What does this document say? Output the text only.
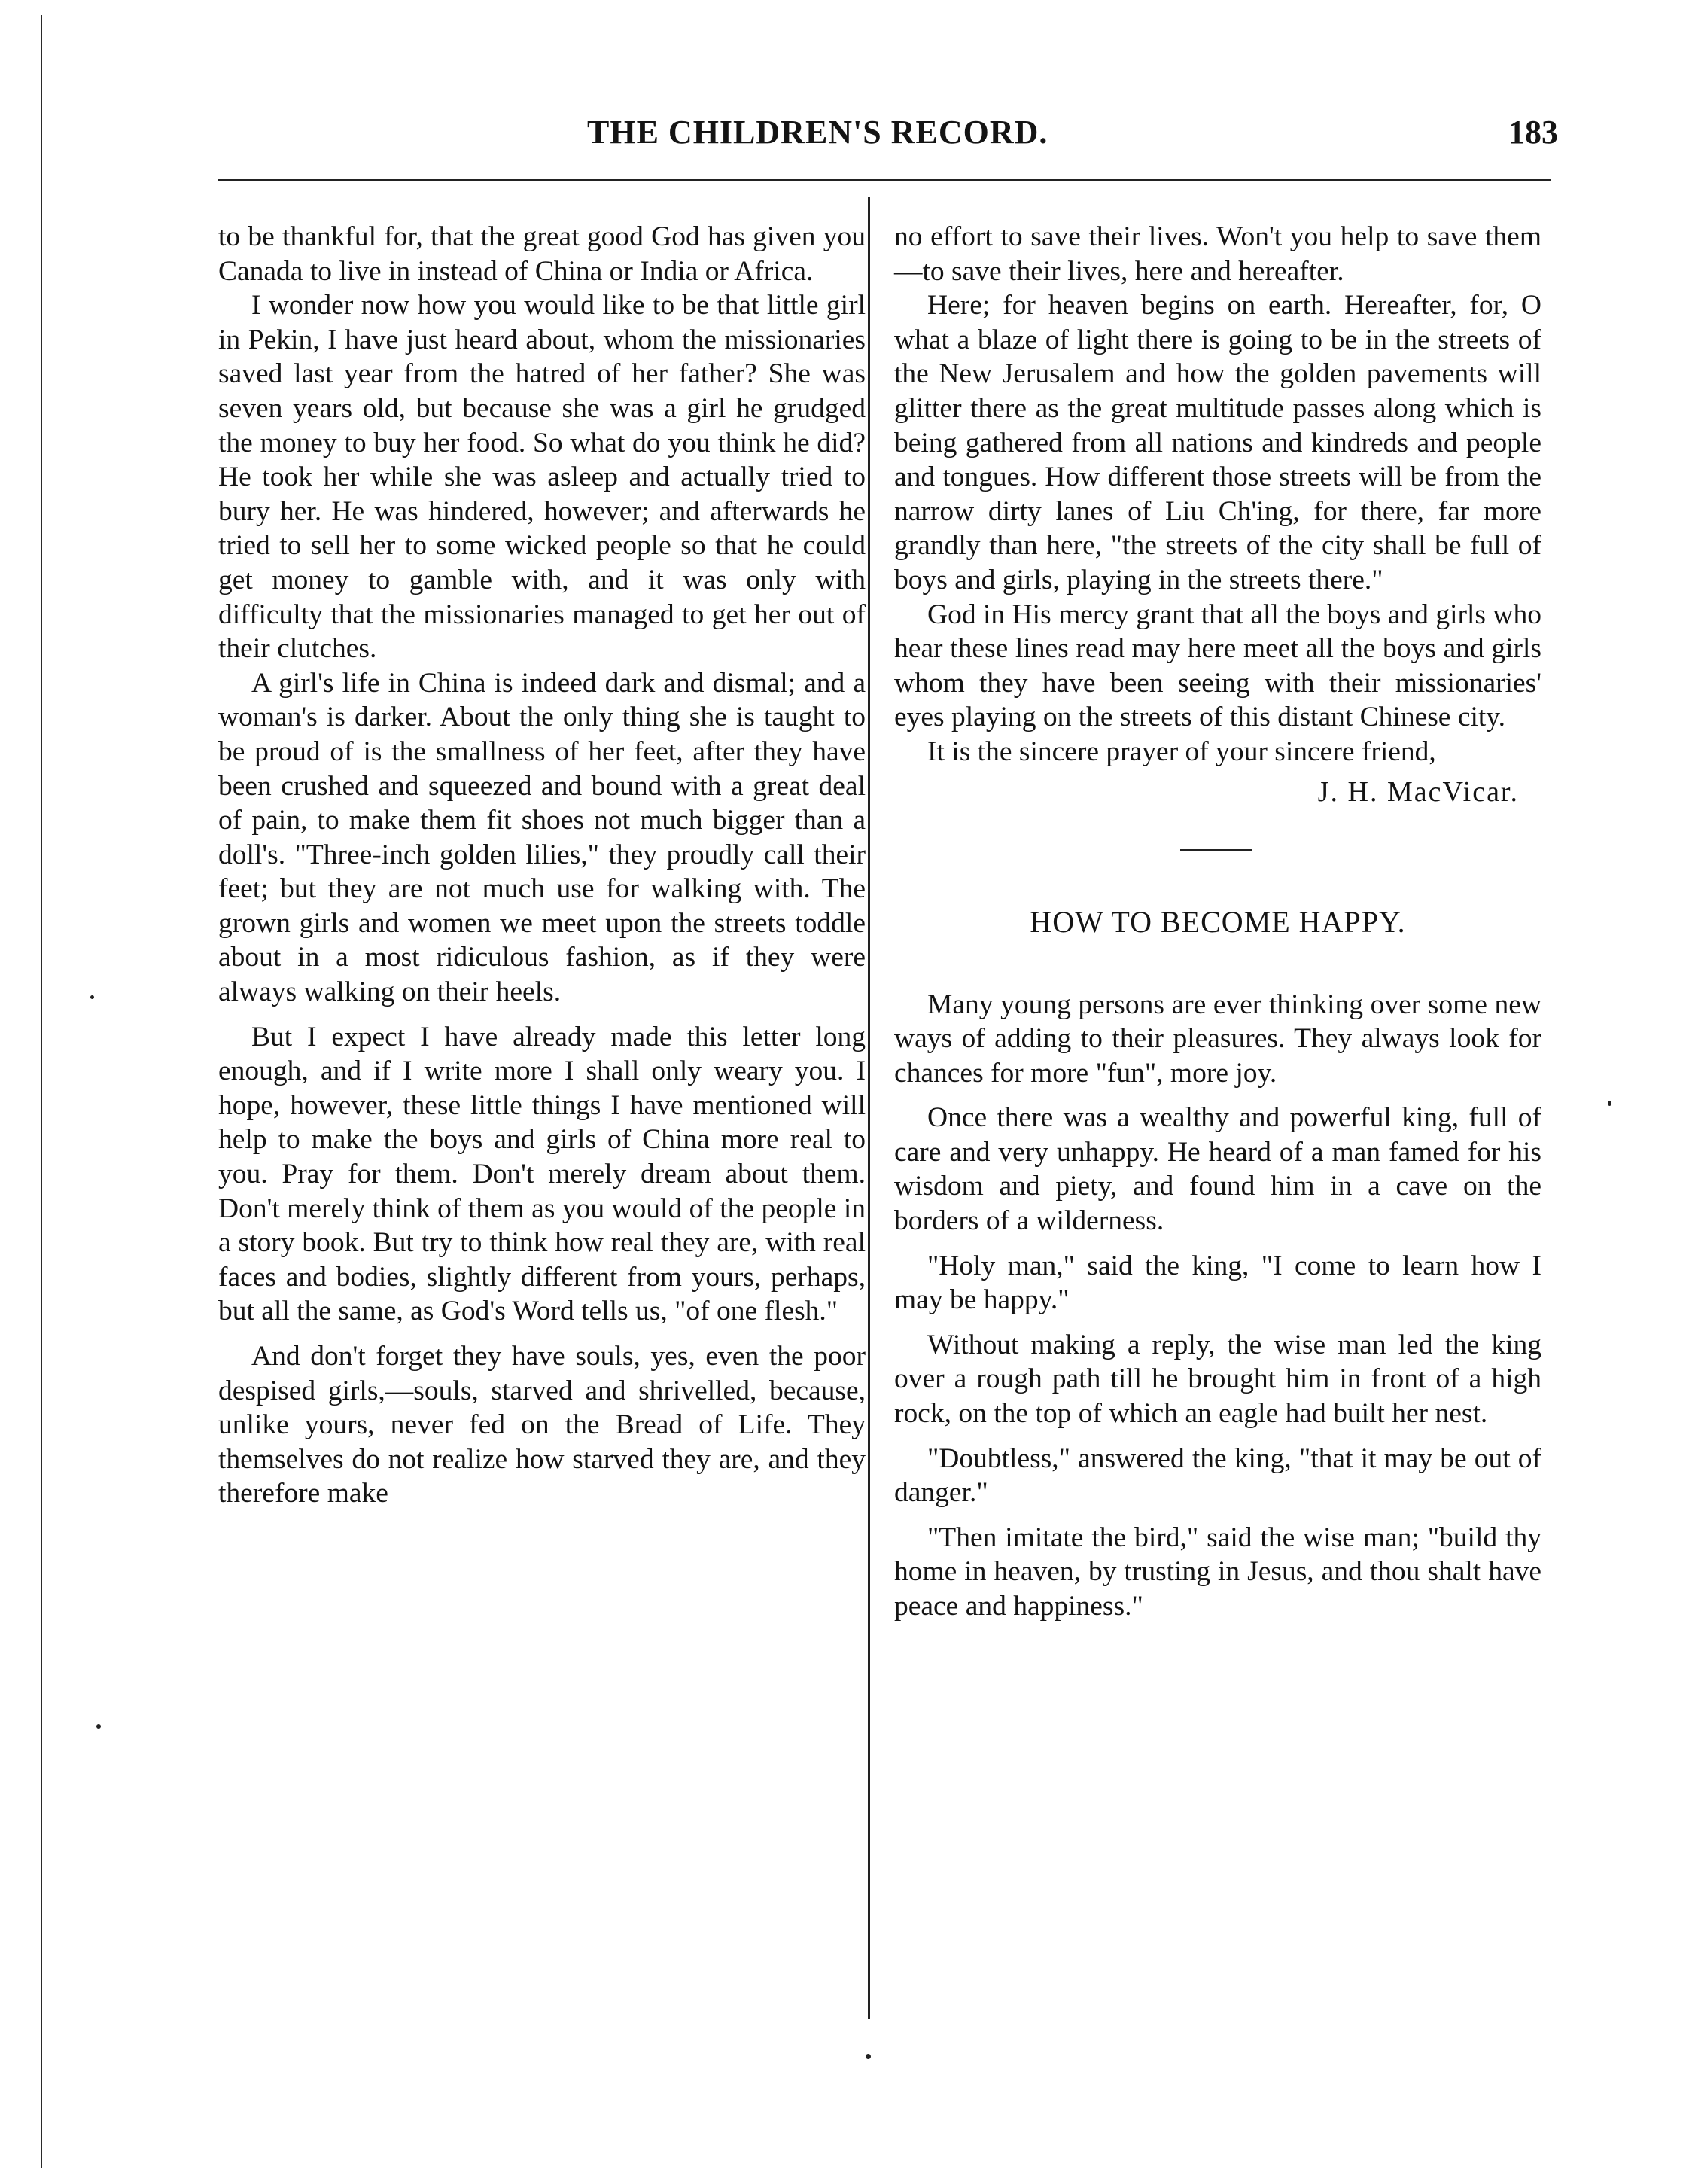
THE CHILDREN'S RECORD.	183

to be thankful for, that the great good God has given you Canada to live in instead of China or India or Africa.

I wonder now how you would like to be that little girl in Pekin, I have just heard about, whom the missionaries saved last year from the hatred of her father? She was seven years old, but because she was a girl he grudged the money to buy her food. So what do you think he did? He took her while she was asleep and actually tried to bury her. He was hindered, however; and afterwards he tried to sell her to some wicked people so that he could get money to gamble with, and it was only with difficulty that the missionaries managed to get her out of their clutches.

A girl's life in China is indeed dark and dismal; and a woman's is darker. About the only thing she is taught to be proud of is the smallness of her feet, after they have been crushed and squeezed and bound with a great deal of pain, to make them fit shoes not much bigger than a doll's. "Three-inch golden lilies," they proudly call their feet; but they are not much use for walking with. The grown girls and women we meet upon the streets toddle about in a most ridiculous fashion, as if they were always walking on their heels.

But I expect I have already made this letter long enough, and if I write more I shall only weary you. I hope, however, these little things I have mentioned will help to make the boys and girls of China more real to you. Pray for them. Don't merely dream about them. Don't merely think of them as you would of the people in a story book. But try to think how real they are, with real faces and bodies, slightly different from yours, perhaps, but all the same, as God's Word tells us, "of one flesh."

And don't forget they have souls, yes, even the poor despised girls,—souls, starved and shrivelled, because, unlike yours, never fed on the Bread of Life. They themselves do not realize how starved they are, and they therefore make

no effort to save their lives. Won't you help to save them—to save their lives, here and hereafter.

Here; for heaven begins on earth. Hereafter, for, O what a blaze of light there is going to be in the streets of the New Jerusalem and how the golden pavements will glitter there as the great multitude passes along which is being gathered from all nations and kindreds and people and tongues. How different those streets will be from the narrow dirty lanes of Liu Ch'ing, for there, far more grandly than here, "the streets of the city shall be full of boys and girls, playing in the streets there."

God in His mercy grant that all the boys and girls who hear these lines read may here meet all the boys and girls whom they have been seeing with their missionaries' eyes playing on the streets of this distant Chinese city.

It is the sincere prayer of your sincere friend,

J. H. MacVicar.
HOW TO BECOME HAPPY.

Many young persons are ever thinking over some new ways of adding to their pleasures. They always look for chances for more "fun", more joy.

Once there was a wealthy and powerful king, full of care and very unhappy. He heard of a man famed for his wisdom and piety, and found him in a cave on the borders of a wilderness.

"Holy man," said the king, "I come to learn how I may be happy."

Without making a reply, the wise man led the king over a rough path till he brought him in front of a high rock, on the top of which an eagle had built her nest.

"Doubtless," answered the king, "that it may be out of danger."

"Then imitate the bird," said the wise man; "build thy home in heaven, by trusting in Jesus, and thou shalt have peace and happiness."
